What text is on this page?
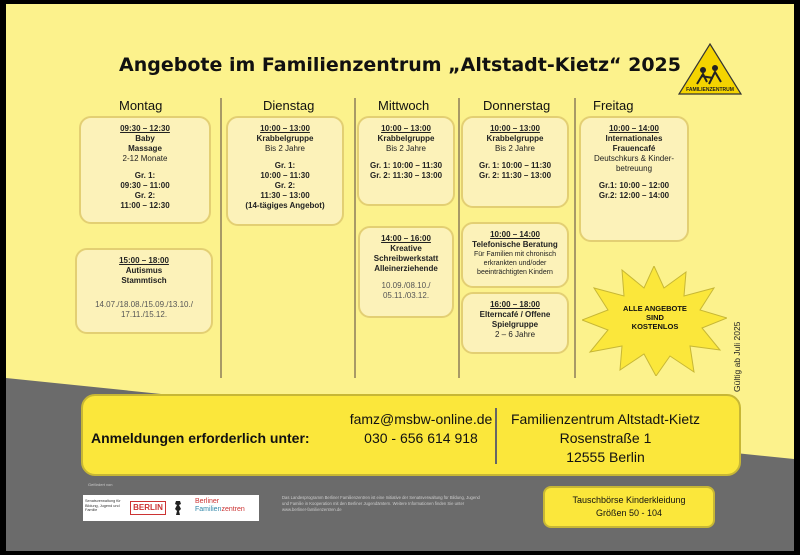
Angebote im Familienzentrum „Altstadt-Kietz“ 2025
FAMILIENZENTRUM
Montag	Dienstag	Mittwoch	Donnerstag	Freitag
09:30 – 12:30
Baby
Massage
2-12 Monate
Gr. 1:
09:30 – 11:00
Gr. 2:
11:00 – 12:30
15:00 – 18:00
Autismus
Stammtisch
14.07./18.08./15.09./13.10./
17.11./15.12.
10:00 – 13:00
Krabbelgruppe
Bis 2 Jahre
Gr. 1:
10:00 – 11:30
Gr. 2:
11:30 – 13:00
(14-tägiges Angebot)
10:00 – 13:00
Krabbelgruppe
Bis 2 Jahre
Gr. 1: 10:00 – 11:30
Gr. 2: 11:30 – 13:00
14:00 – 16:00
Kreative
Schreibwerkstatt
Alleinerziehende
10.09./08.10./
05.11./03.12.
10:00 – 13:00
Krabbelgruppe
Bis 2 Jahre
Gr. 1: 10:00 – 11:30
Gr. 2: 11:30 – 13:00
10:00 – 14:00
Telefonische Beratung
Für Familien mit chronisch
erkrankten und/oder
beeinträchtigten Kindern
16:00 – 18:00
Elterncafé / Offene
Spielgruppe
2 – 6 Jahre
10:00 – 14:00
Internationales
Frauencafé
Deutschkurs & Kinder-
betreuung
Gr.1: 10:00 – 12:00
Gr.2: 12:00 – 14:00
ALLE ANGEBOTE
SIND
KOSTENLOS	Gültig ab Juli 2025
Anmeldungen erforderlich unter:
famz@msbw-online.de
030 - 656 614 918
Familienzentrum Altstadt-Kietz
Rosenstraße 1
12555 Berlin
Gefördert von
Senatsverwaltung für Bildung, Jugend und Familie	BERLIN
Berliner
Familienzentren
Das Landesprogramm Berliner Familienzentren ist eine Initiative der Senatsverwaltung für Bildung, Jugend und Familie in Kooperation mit den Berliner Jugendämtern. Weitere Informationen finden Sie unter www.berliner-familienzentren.de
Tauschbörse Kinderkleidung
Größen 50 - 104
